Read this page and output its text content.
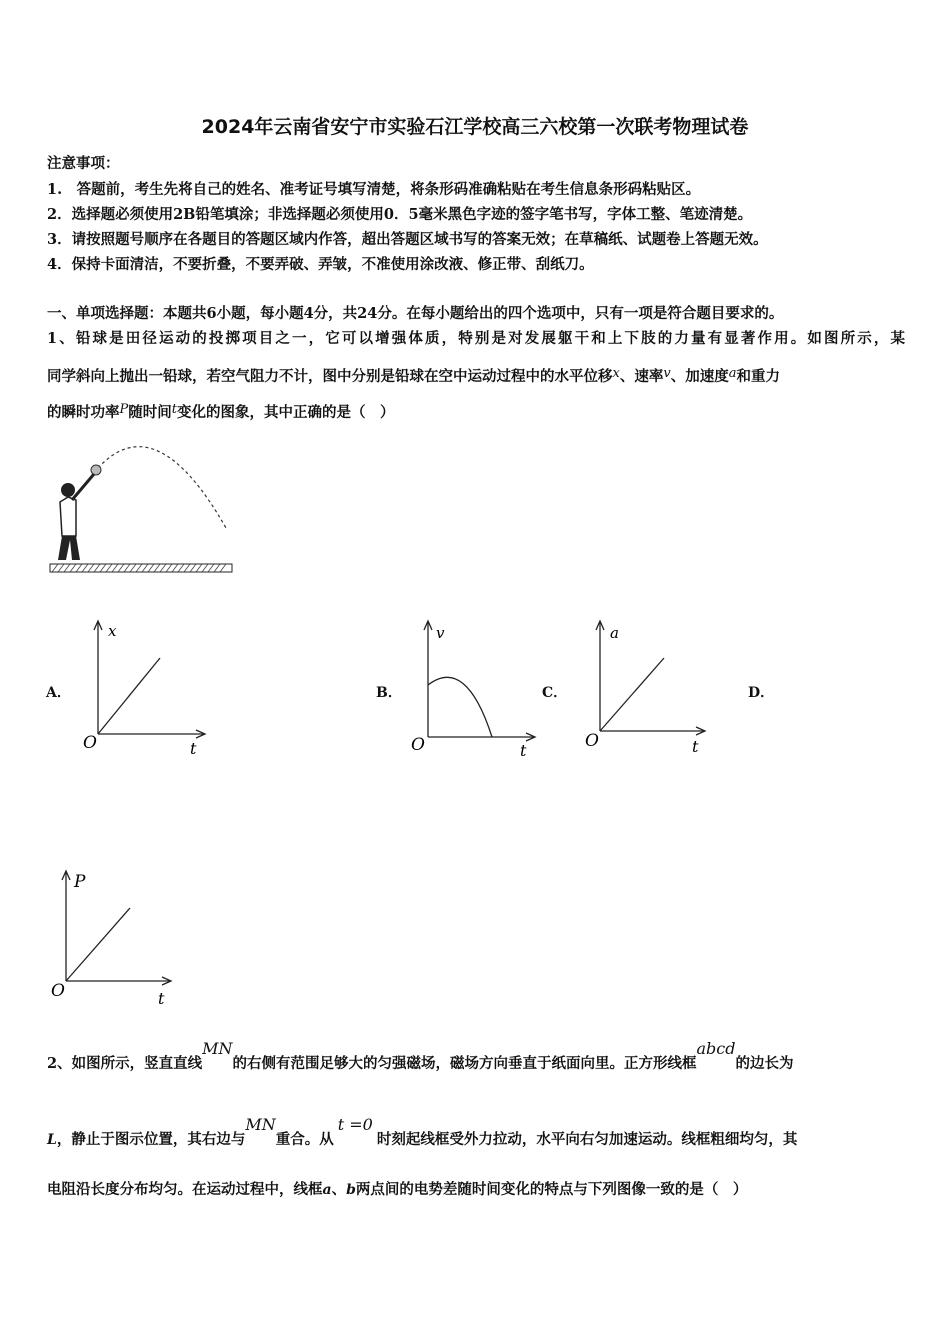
2024年云南省安宁市实验石江学校高三六校第一次联考物理试卷
注意事项：
1.　答题前，考生先将自己的姓名、准考证号填写清楚，将条形码准确粘贴在考生信息条形码粘贴区。
2．选择题必须使用2B铅笔填涂；非选择题必须使用0．5毫米黑色字迹的签字笔书写，字体工整、笔迹清楚。
3．请按照题号顺序在各题目的答题区域内作答，超出答题区域书写的答案无效；在草稿纸、试题卷上答题无效。
4．保持卡面清洁，不要折叠，不要弄破、弄皱，不准使用涂改液、修正带、刮纸刀。
一、单项选择题：本题共6小题，每小题4分，共24分。在每小题给出的四个选项中，只有一项是符合题目要求的。
1、铅球是田径运动的投掷项目之一，它可以增强体质，特别是对发展躯干和上下肢的力量有显著作用。如图所示，某
同学斜向上抛出一铅球，若空气阻力不计，图中分别是铅球在空中运动过程中的水平位移x、速率v、加速度a和重力
的瞬时功率P随时间t变化的图象，其中正确的是（　）
A．
x
O	t
B．
v
O	t
C．
a
O	t
D．
P
O	t
2、如图所示，竖直直线MN的右侧有范围足够大的匀强磁场，磁场方向垂直于纸面向里。正方形线框abcd的边长为
L，静止于图示位置，其右边与MN重合。从t =0时刻起线框受外力拉动，水平向右匀加速运动。线框粗细均匀，其
电阻沿长度分布均匀。在运动过程中，线框a、b两点间的电势差随时间变化的特点与下列图像一致的是（　）
